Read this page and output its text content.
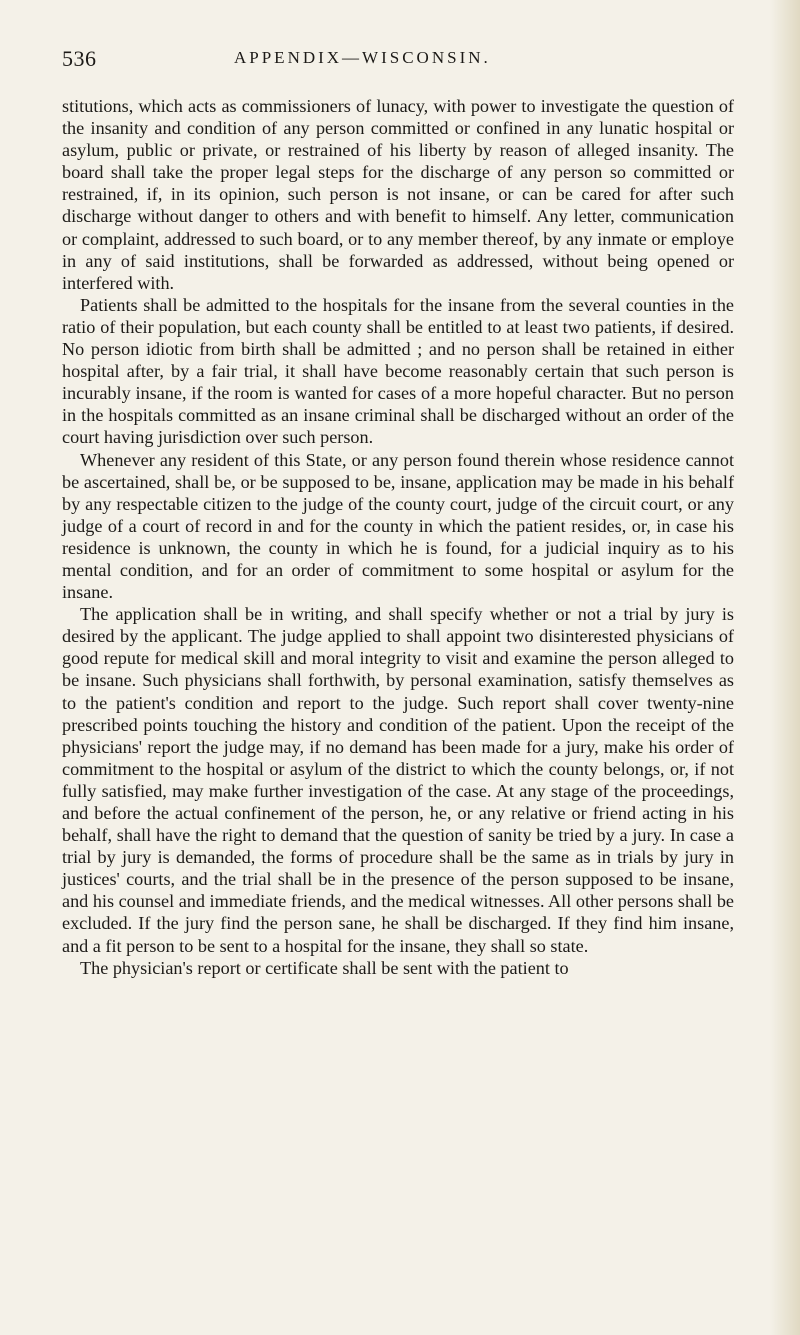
536	APPENDIX—WISCONSIN.

stitutions, which acts as commissioners of lunacy, with power to investigate the question of the insanity and condition of any person committed or confined in any lunatic hospital or asylum, public or private, or restrained of his liberty by reason of alleged insanity. The board shall take the proper legal steps for the discharge of any person so committed or restrained, if, in its opinion, such person is not insane, or can be cared for after such discharge without danger to others and with benefit to himself. Any letter, communication or complaint, addressed to such board, or to any member thereof, by any inmate or employe in any of said institutions, shall be forwarded as addressed, without being opened or interfered with.

Patients shall be admitted to the hospitals for the insane from the several counties in the ratio of their population, but each county shall be entitled to at least two patients, if desired. No person idiotic from birth shall be admitted ; and no person shall be retained in either hospital after, by a fair trial, it shall have become reasonably certain that such person is incurably insane, if the room is wanted for cases of a more hopeful character. But no person in the hospitals committed as an insane criminal shall be discharged without an order of the court having jurisdiction over such person.

Whenever any resident of this State, or any person found therein whose residence cannot be ascertained, shall be, or be supposed to be, insane, application may be made in his behalf by any respectable citizen to the judge of the county court, judge of the circuit court, or any judge of a court of record in and for the county in which the patient resides, or, in case his residence is unknown, the county in which he is found, for a judicial inquiry as to his mental condition, and for an order of commitment to some hospital or asylum for the insane.

The application shall be in writing, and shall specify whether or not a trial by jury is desired by the applicant. The judge applied to shall appoint two disinterested physicians of good repute for medical skill and moral integrity to visit and examine the person alleged to be insane. Such physicians shall forthwith, by personal examination, satisfy themselves as to the patient's condition and report to the judge. Such report shall cover twenty-nine prescribed points touching the history and condition of the patient. Upon the receipt of the physicians' report the judge may, if no demand has been made for a jury, make his order of commitment to the hospital or asylum of the district to which the county belongs, or, if not fully satisfied, may make further investigation of the case. At any stage of the proceedings, and before the actual confinement of the person, he, or any relative or friend acting in his behalf, shall have the right to demand that the question of sanity be tried by a jury. In case a trial by jury is demanded, the forms of procedure shall be the same as in trials by jury in justices' courts, and the trial shall be in the presence of the person supposed to be insane, and his counsel and immediate friends, and the medical witnesses. All other persons shall be excluded. If the jury find the person sane, he shall be discharged. If they find him insane, and a fit person to be sent to a hospital for the insane, they shall so state.

The physician's report or certificate shall be sent with the patient to
